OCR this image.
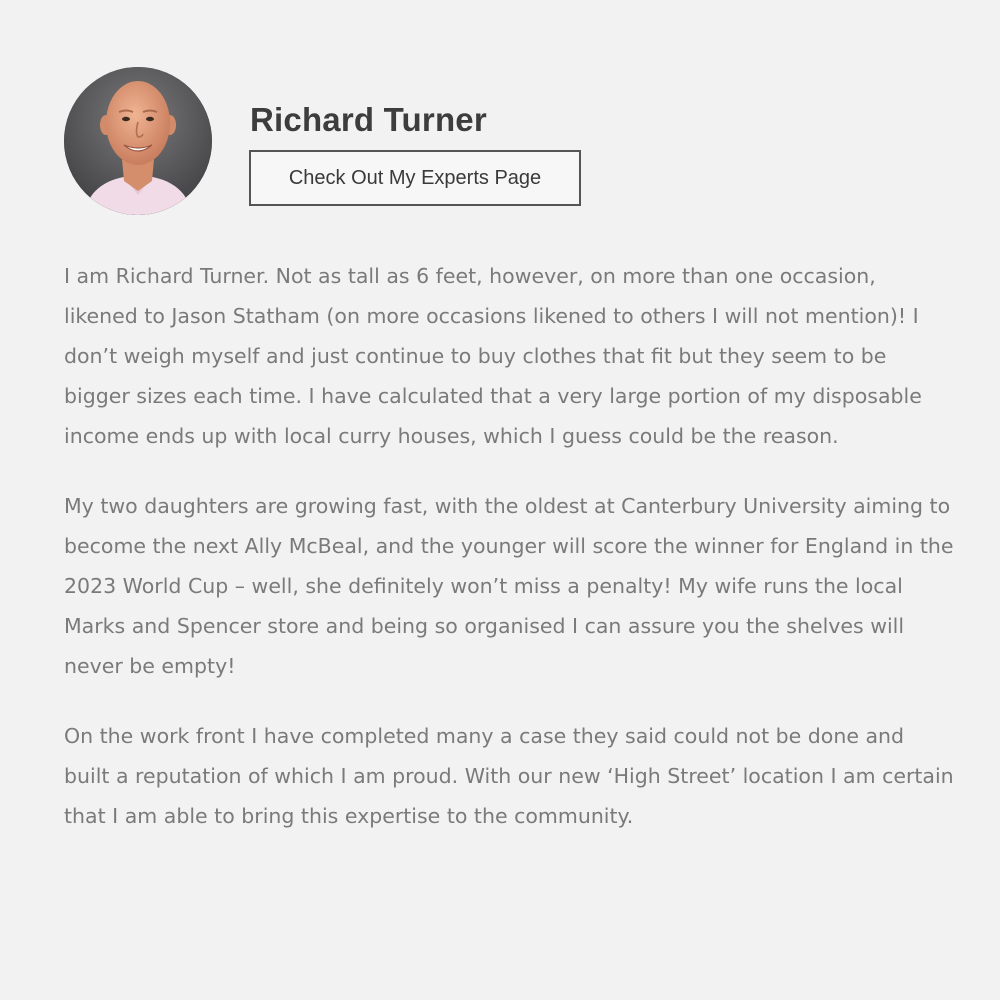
Richard Turner
Check Out My Experts Page

I am Richard Turner. Not as tall as 6 feet, however, on more than one occasion, likened to Jason Statham (on more occasions likened to others I will not mention)! I don’t weigh myself and just continue to buy clothes that fit but they seem to be bigger sizes each time. I have calculated that a very large portion of my disposable income ends up with local curry houses, which I guess could be the reason.

My two daughters are growing fast, with the oldest at Canterbury University aiming to become the next Ally McBeal, and the younger will score the winner for England in the 2023 World Cup – well, she definitely won’t miss a penalty! My wife runs the local Marks and Spencer store and being so organised I can assure you the shelves will never be empty!

On the work front I have completed many a case they said could not be done and built a reputation of which I am proud. With our new ‘High Street’ location I am certain that I am able to bring this expertise to the community.
